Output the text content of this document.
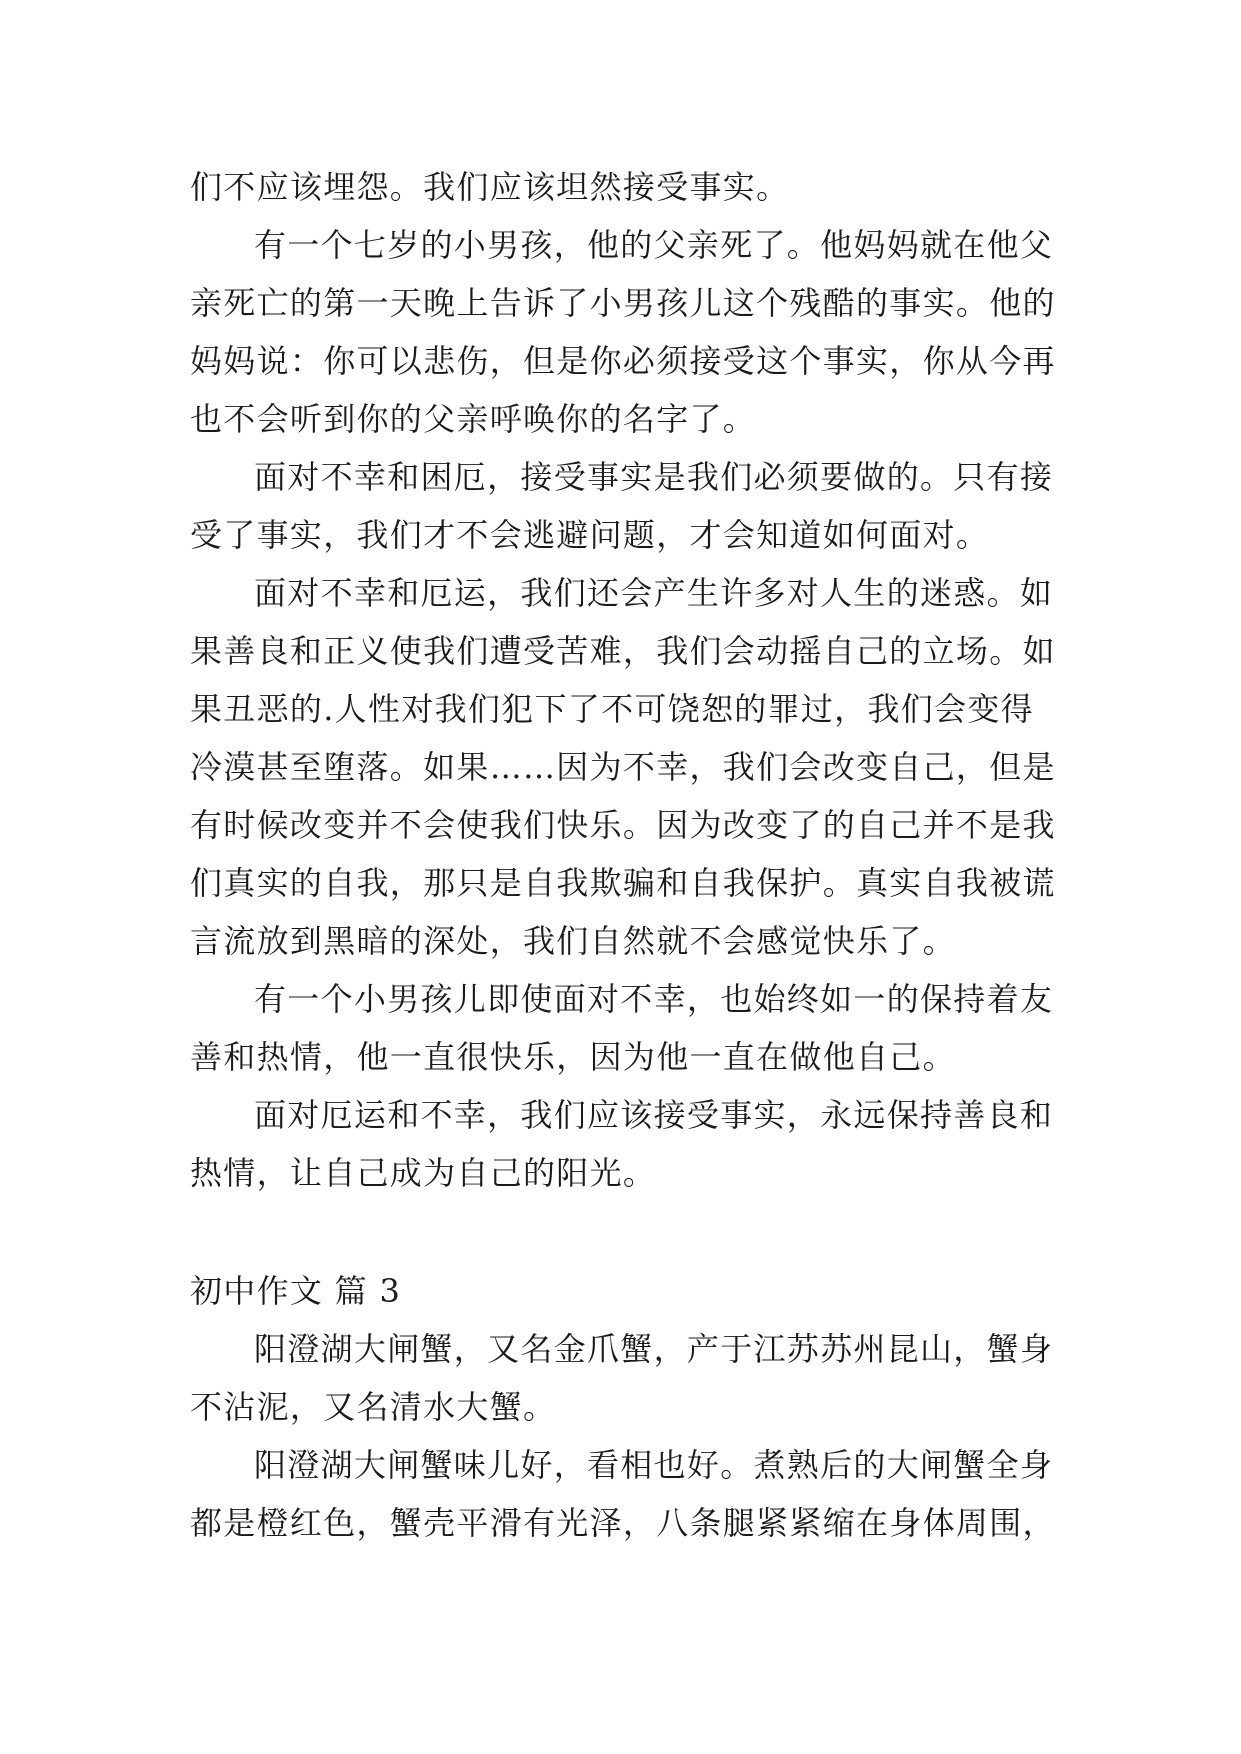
们不应该埋怨。我们应该坦然接受事实。
有一个七岁的小男孩，他的父亲死了。他妈妈就在他父
亲死亡的第一天晚上告诉了小男孩儿这个残酷的事实。他的
妈妈说：你可以悲伤，但是你必须接受这个事实，你从今再
也不会听到你的父亲呼唤你的名字了。
面对不幸和困厄，接受事实是我们必须要做的。只有接
受了事实，我们才不会逃避问题，才会知道如何面对。
面对不幸和厄运，我们还会产生许多对人生的迷惑。如
果善良和正义使我们遭受苦难，我们会动摇自己的立场。如
果丑恶的.人性对我们犯下了不可饶恕的罪过，我们会变得
冷漠甚至堕落。如果……因为不幸，我们会改变自己，但是
有时候改变并不会使我们快乐。因为改变了的自己并不是我
们真实的自我，那只是自我欺骗和自我保护。真实自我被谎
言流放到黑暗的深处，我们自然就不会感觉快乐了。
有一个小男孩儿即使面对不幸，也始终如一的保持着友
善和热情，他一直很快乐，因为他一直在做他自己。
面对厄运和不幸，我们应该接受事实，永远保持善良和
热情，让自己成为自己的阳光。
初中作文 篇 3
阳澄湖大闸蟹，又名金爪蟹，产于江苏苏州昆山，蟹身
不沾泥，又名清水大蟹。
阳澄湖大闸蟹味儿好，看相也好。煮熟后的大闸蟹全身
都是橙红色，蟹壳平滑有光泽，八条腿紧紧缩在身体周围，
